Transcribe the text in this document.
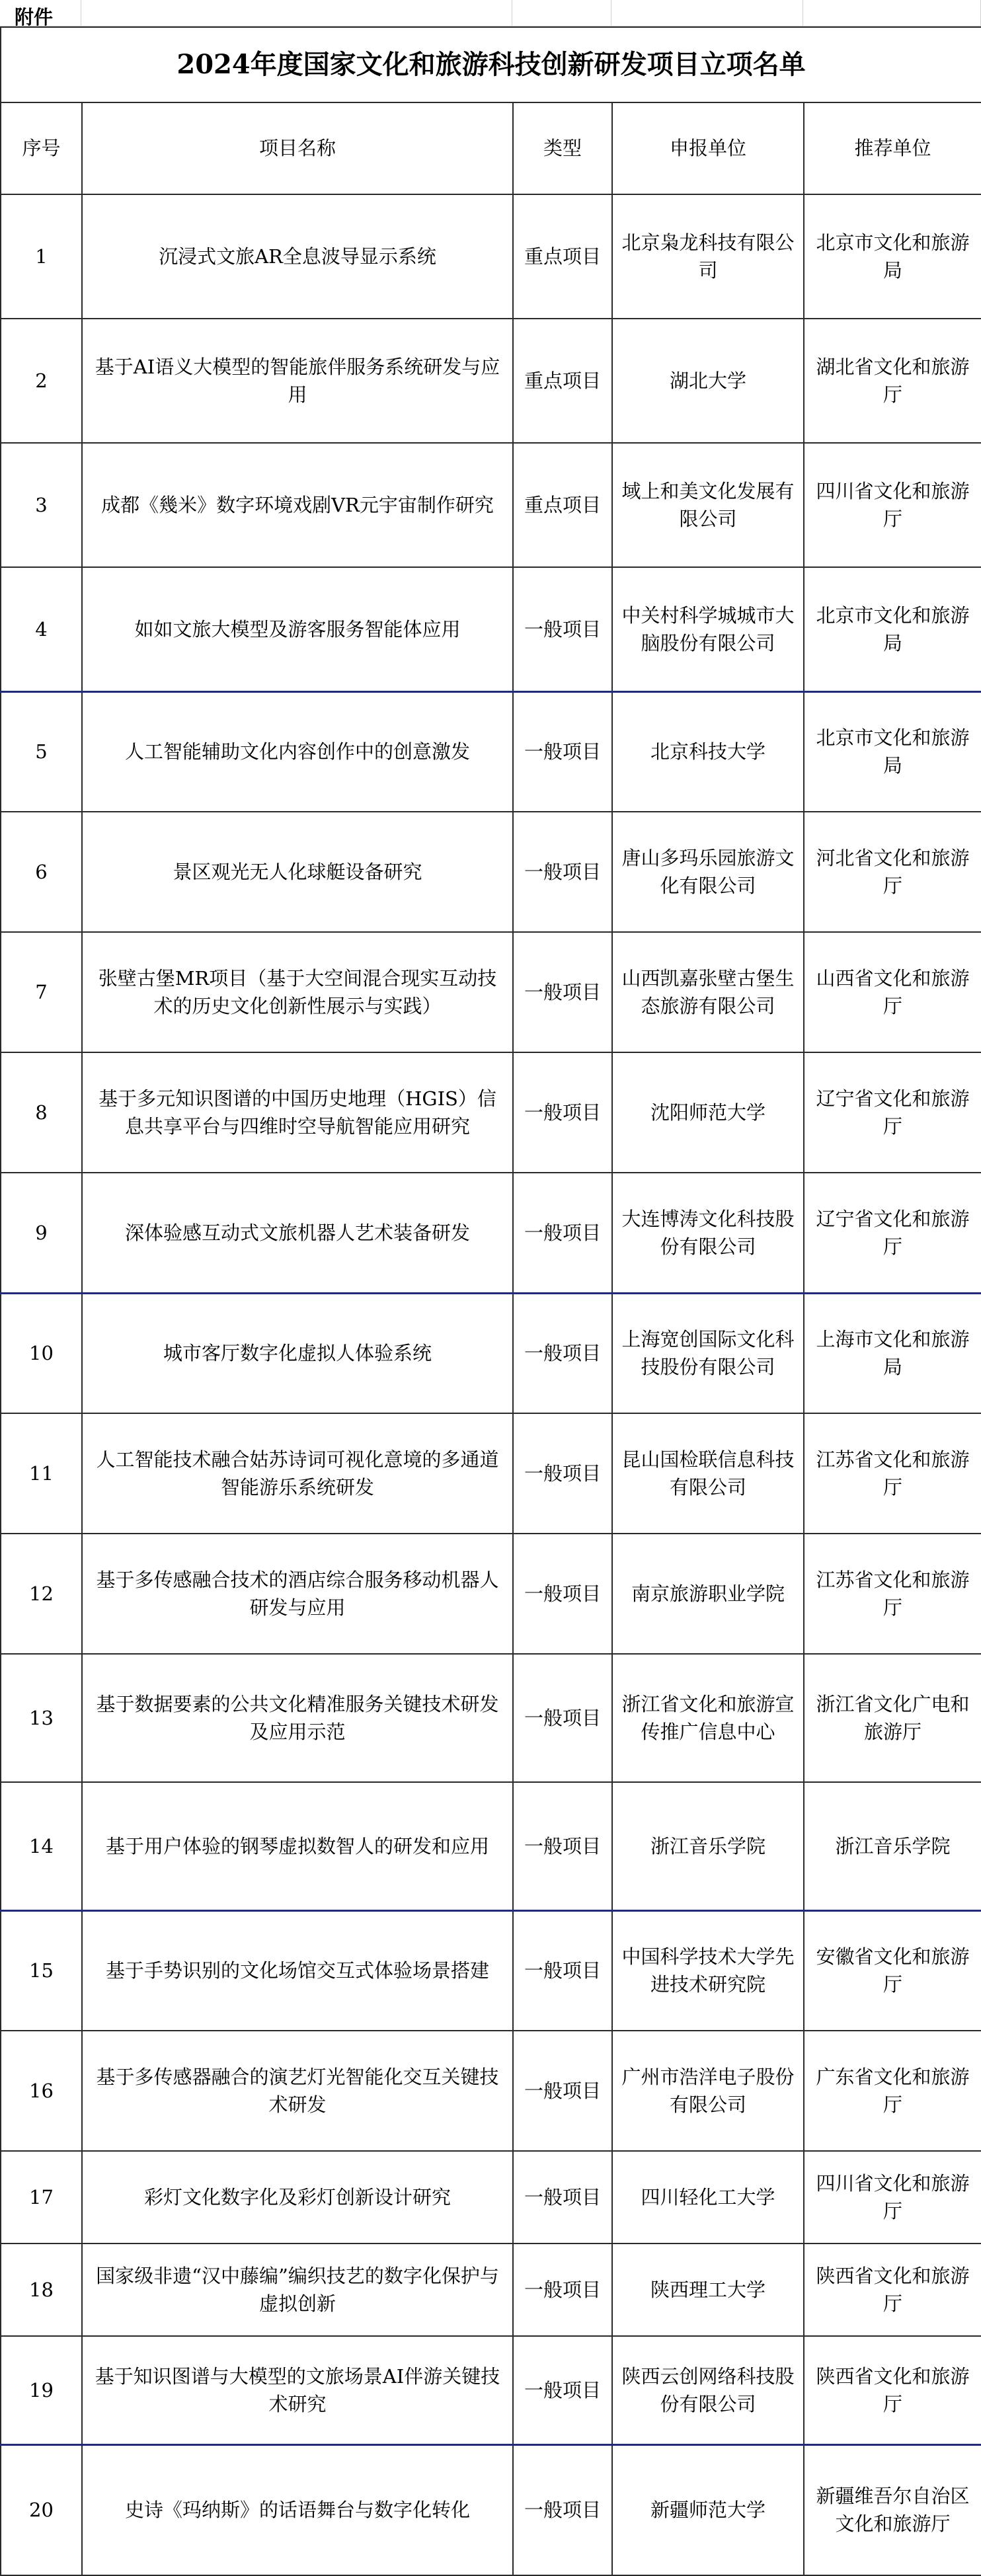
附件
2024年度国家文化和旅游科技创新研发项目立项名单				
序号	项目名称	类型	申报单位	推荐单位
1	沉浸式文旅AR全息波导显示系统	重点项目	北京枭龙科技有限公司	北京市文化和旅游局
2	基于AI语义大模型的智能旅伴服务系统研发与应用	重点项目	湖北大学	湖北省文化和旅游厅
3	成都《幾米》数字环境戏剧VR元宇宙制作研究	重点项目	域上和美文化发展有限公司	四川省文化和旅游厅
4	如如文旅大模型及游客服务智能体应用	一般项目	中关村科学城城市大脑股份有限公司	北京市文化和旅游局
5	人工智能辅助文化内容创作中的创意激发	一般项目	北京科技大学	北京市文化和旅游局
6	景区观光无人化球艇设备研究	一般项目	唐山多玛乐园旅游文化有限公司	河北省文化和旅游厅
7	张壁古堡MR项目（基于大空间混合现实互动技术的历史文化创新性展示与实践）	一般项目	山西凯嘉张壁古堡生态旅游有限公司	山西省文化和旅游厅
8	基于多元知识图谱的中国历史地理（HGIS）信息共享平台与四维时空导航智能应用研究	一般项目	沈阳师范大学	辽宁省文化和旅游厅
9	深体验感互动式文旅机器人艺术装备研发	一般项目	大连博涛文化科技股份有限公司	辽宁省文化和旅游厅
10	城市客厅数字化虚拟人体验系统	一般项目	上海宽创国际文化科技股份有限公司	上海市文化和旅游局
11	人工智能技术融合姑苏诗词可视化意境的多通道智能游乐系统研发	一般项目	昆山国检联信息科技有限公司	江苏省文化和旅游厅
12	基于多传感融合技术的酒店综合服务移动机器人研发与应用	一般项目	南京旅游职业学院	江苏省文化和旅游厅
13	基于数据要素的公共文化精准服务关键技术研发及应用示范	一般项目	浙江省文化和旅游宣传推广信息中心	浙江省文化广电和旅游厅
14	基于用户体验的钢琴虚拟数智人的研发和应用	一般项目	浙江音乐学院	浙江音乐学院
15	基于手势识别的文化场馆交互式体验场景搭建	一般项目	中国科学技术大学先进技术研究院	安徽省文化和旅游厅
16	基于多传感器融合的演艺灯光智能化交互关键技术研发	一般项目	广州市浩洋电子股份有限公司	广东省文化和旅游厅
17	彩灯文化数字化及彩灯创新设计研究	一般项目	四川轻化工大学	四川省文化和旅游厅
18	国家级非遗“汉中藤编”编织技艺的数字化保护与虚拟创新	一般项目	陕西理工大学	陕西省文化和旅游厅
19	基于知识图谱与大模型的文旅场景AI伴游关键技术研究	一般项目	陕西云创网络科技股份有限公司	陕西省文化和旅游厅
20	史诗《玛纳斯》的话语舞台与数字化转化	一般项目	新疆师范大学	新疆维吾尔自治区文化和旅游厅
